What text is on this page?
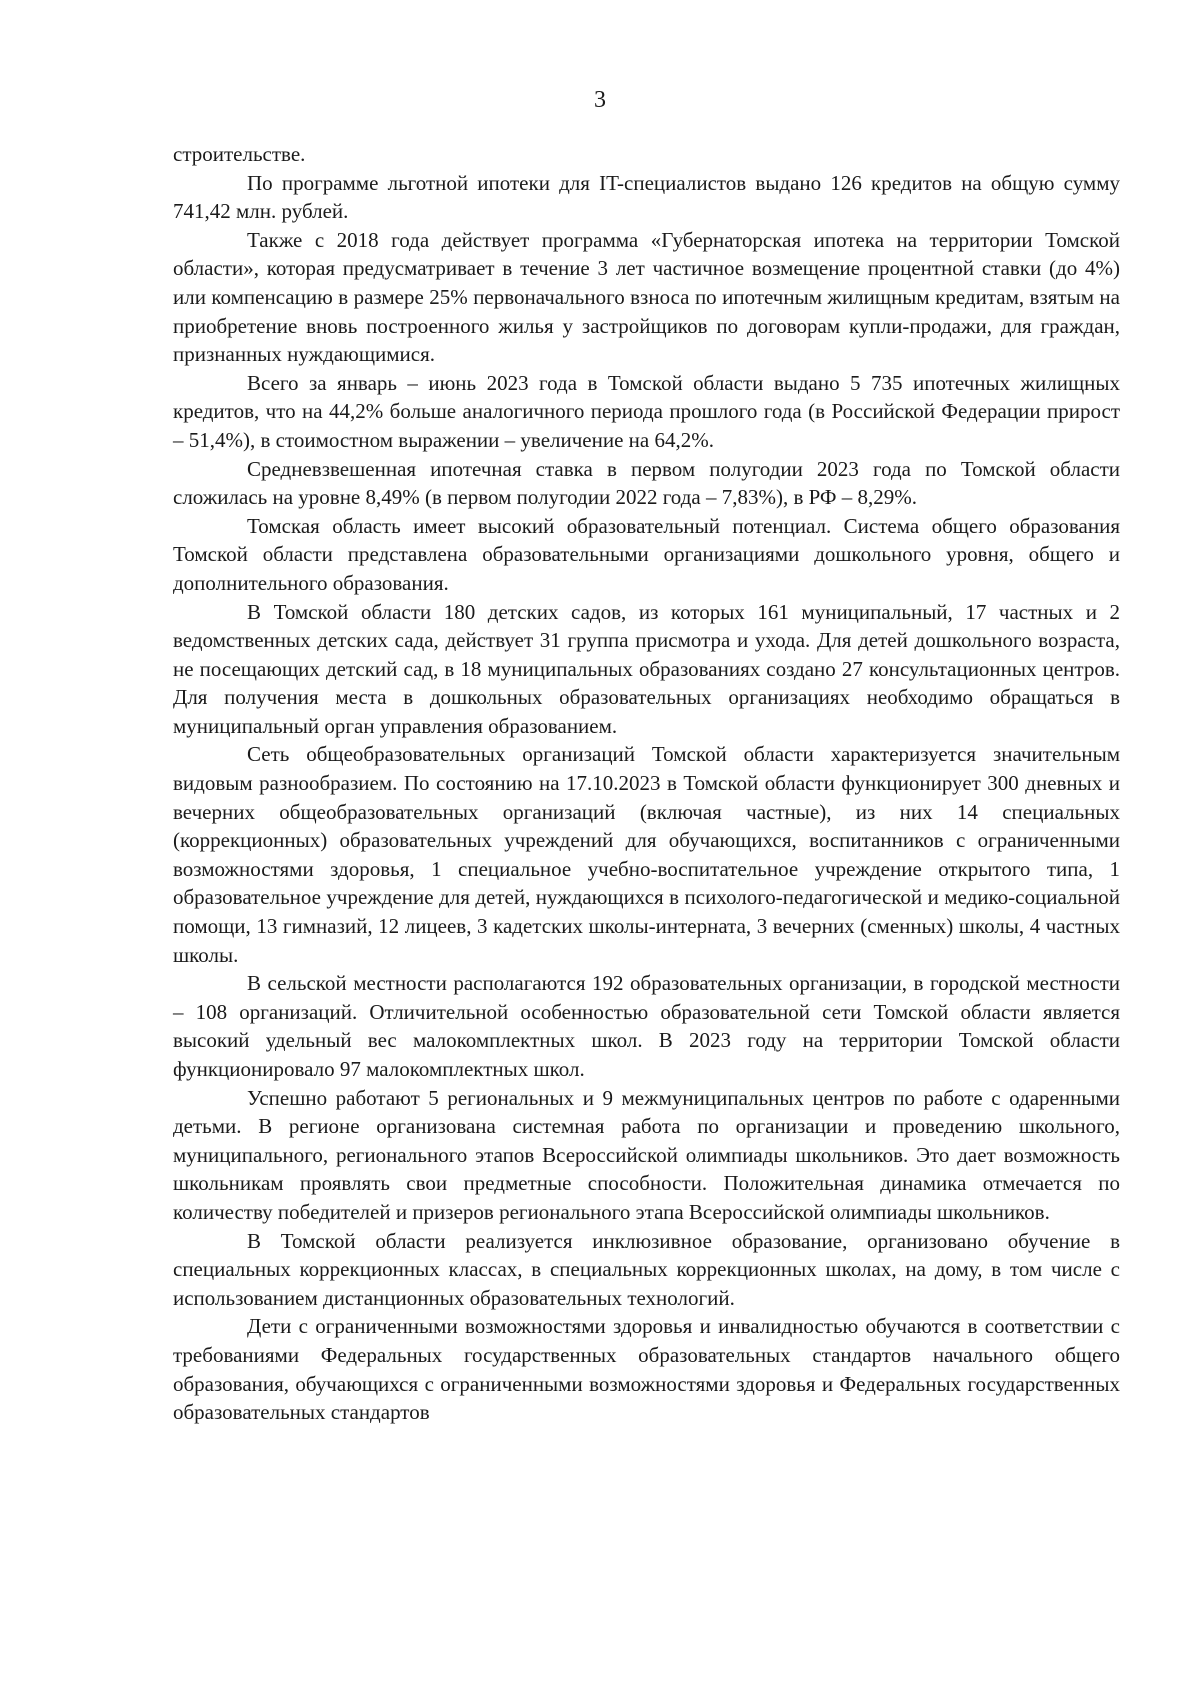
3

строительстве.

По программе льготной ипотеки для IT-специалистов выдано 126 кредитов на общую сумму 741,42 млн. рублей.

Также с 2018 года действует программа «Губернаторская ипотека на территории Томской области», которая предусматривает в течение 3 лет частичное возмещение процентной ставки (до 4%) или компенсацию в размере 25% первоначального взноса по ипотечным жилищным кредитам, взятым на приобретение вновь построенного жилья у застройщиков по договорам купли-продажи, для граждан, признанных нуждающимися.

Всего за январь – июнь 2023 года в Томской области выдано 5 735 ипотечных жилищных кредитов, что на 44,2% больше аналогичного периода прошлого года (в Российской Федерации прирост – 51,4%), в стоимостном выражении – увеличение на 64,2%.

Средневзвешенная ипотечная ставка в первом полугодии 2023 года по Томской области сложилась на уровне 8,49% (в первом полугодии 2022 года – 7,83%), в РФ – 8,29%.

Томская область имеет высокий образовательный потенциал. Система общего образования Томской области представлена образовательными организациями дошкольного уровня, общего и дополнительного образования.

В Томской области 180 детских садов, из которых 161 муниципальный, 17 частных и 2 ведомственных детских сада, действует 31 группа присмотра и ухода. Для детей дошкольного возраста, не посещающих детский сад, в 18 муниципальных образованиях создано 27 консультационных центров. Для получения места в дошкольных образовательных организациях необходимо обращаться в муниципальный орган управления образованием.

Сеть общеобразовательных организаций Томской области характеризуется значительным видовым разнообразием. По состоянию на 17.10.2023 в Томской области функционирует 300 дневных и вечерних общеобразовательных организаций (включая частные), из них 14 специальных (коррекционных) образовательных учреждений для обучающихся, воспитанников с ограниченными возможностями здоровья, 1 специальное учебно-воспитательное учреждение открытого типа, 1 образовательное учреждение для детей, нуждающихся в психолого-педагогической и медико-социальной помощи, 13 гимназий, 12 лицеев, 3 кадетских школы-интерната, 3 вечерних (сменных) школы, 4 частных школы.

В сельской местности располагаются 192 образовательных организации, в городской местности – 108 организаций. Отличительной особенностью образовательной сети Томской области является высокий удельный вес малокомплектных школ. В 2023 году на территории Томской области функционировало 97 малокомплектных школ.

Успешно работают 5 региональных и 9 межмуниципальных центров по работе с одаренными детьми. В регионе организована системная работа по организации и проведению школьного, муниципального, регионального этапов Всероссийской олимпиады школьников. Это дает возможность школьникам проявлять свои предметные способности. Положительная динамика отмечается по количеству победителей и призеров регионального этапа Всероссийской олимпиады школьников.

В Томской области реализуется инклюзивное образование, организовано обучение в специальных коррекционных классах, в специальных коррекционных школах, на дому, в том числе с использованием дистанционных образовательных технологий.

Дети с ограниченными возможностями здоровья и инвалидностью обучаются в соответствии с требованиями Федеральных государственных образовательных стандартов начального общего образования, обучающихся с ограниченными возможностями здоровья и Федеральных государственных образовательных стандартов
